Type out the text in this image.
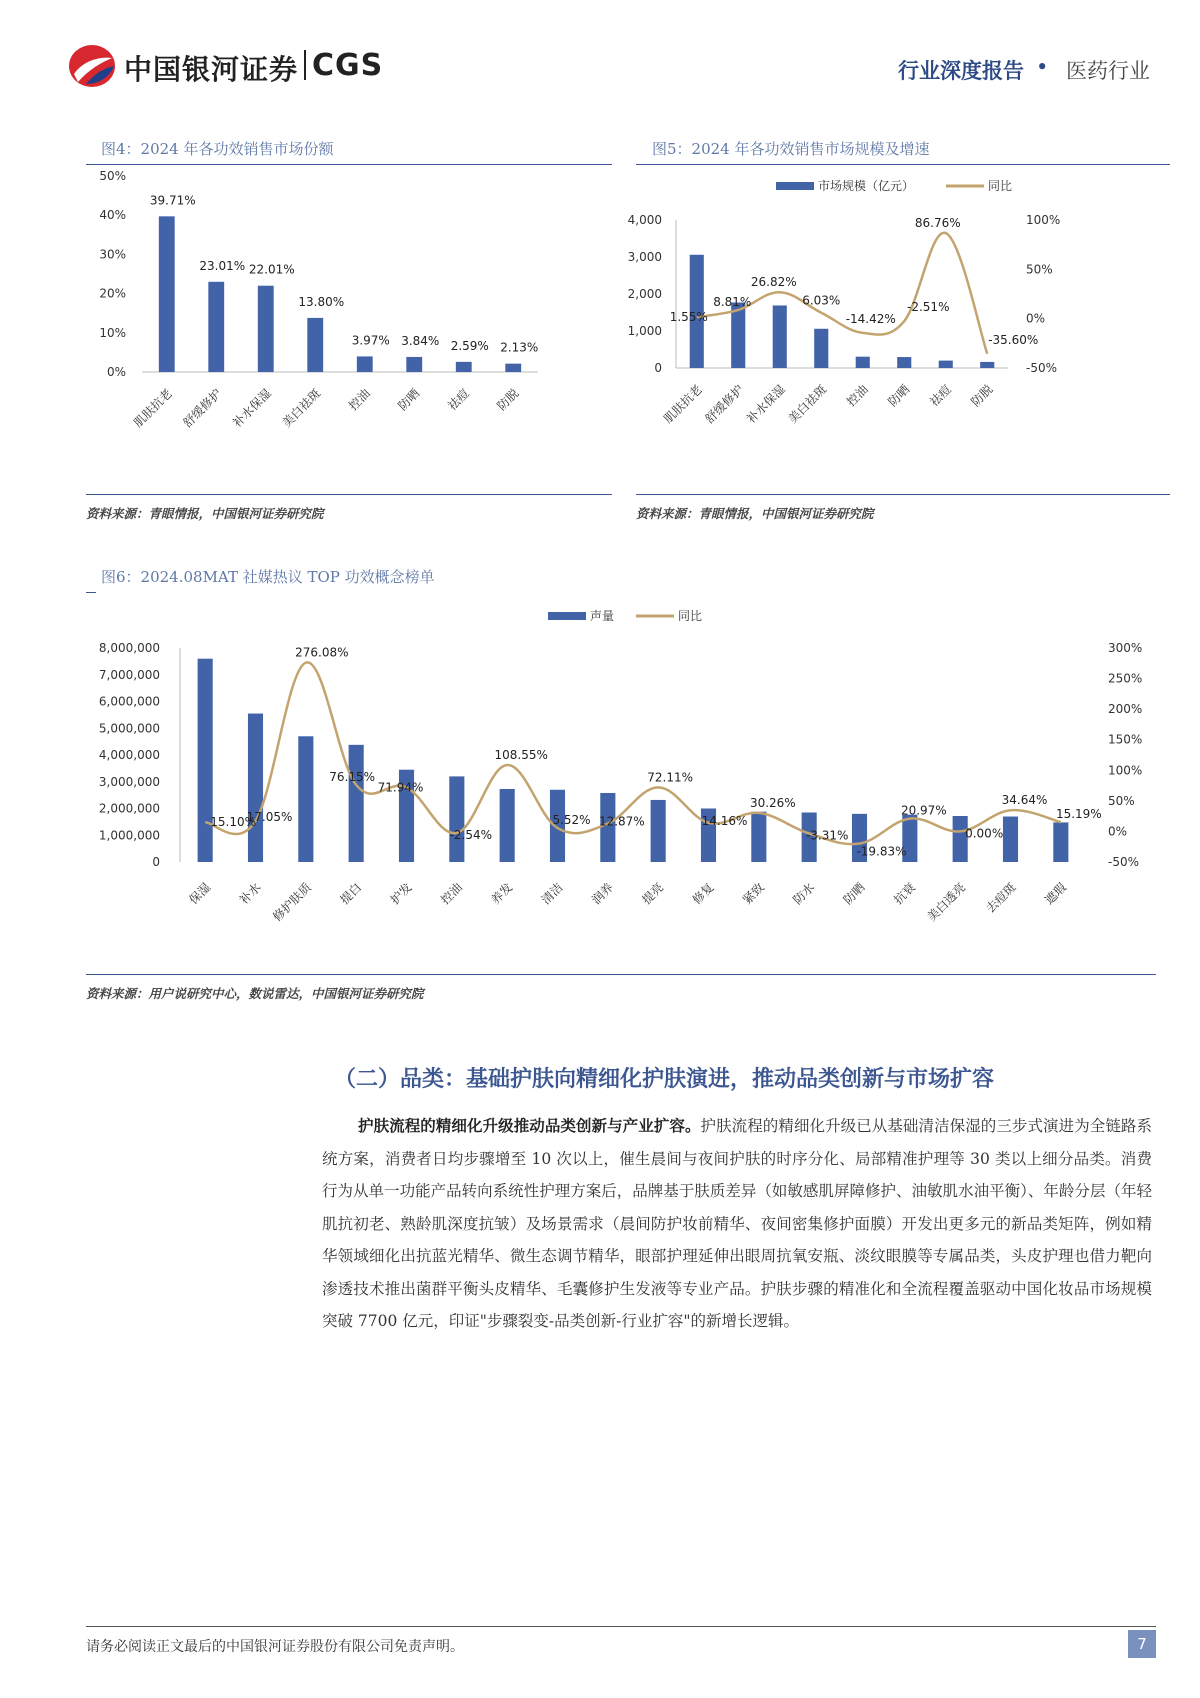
中国银河证券 CGS	行业深度报告 • 医药行业
图4：2024 年各功效销售市场份额
0%
10%
20%
30%
40%
50%
39.71%
23.01% 22.01%
13.80%
3.97% 3.84% 2.59% 2.13%
肌肤抗老 舒缓修护 补水保湿 美白祛斑 控油 防晒 祛痘 防脱
资料来源：青眼情报，中国银河证券研究院
图5：2024 年各功效销售市场规模及增速
市场规模（亿元）	同比
0
1,000
2,000
3,000
4,000
-50%
0%
50%
100%
1.55%
8.81%
26.82%
6.03%
-14.42%
-2.51%
86.76%
-35.60%
肌肤抗老
舒缓修护
补水保湿
美白祛斑 控油 防晒 祛痘 防脱
资料来源：青眼情报，中国银河证券研究院
图6：2024.08MAT 社媒热议 TOP 功效概念榜单
声量	同比
0
1,000,000
2,000,000
3,000,000
4,000,000
5,000,000
6,000,000
7,000,000
8,000,000
-50%
0%
50%
100%
150%
200%
250%
300%
15.10%
17.05%
276.08%
76.15%
71.94%
-2.54%
108.55%
5.52% 12.87%
72.11%
14.16%
30.26%
-3.31%
-19.83%
20.97%
0.00%
34.64%
15.19%
保湿 补水 修护肤质 提白 护发 控油 养发 清洁 润养 提亮 修复 紧致 防水 防晒 抗衰 美白透亮 去痘斑 遮瑕
资料来源：用户说研究中心，数说雷达，中国银河证券研究院
（二）品类：基础护肤向精细化护肤演进，推动品类创新与市场扩容
护肤流程的精细化升级推动品类创新与产业扩容。护肤流程的精细化升级已从基础清洁保湿的三步式演进为全链路系统方案，消费者日均步骤增至 10 次以上，催生晨间与夜间护肤的时序分化、局部精准护理等 30 类以上细分品类。消费行为从单一功能产品转向系统性护理方案后，品牌基于肤质差异（如敏感肌屏障修护、油敏肌水油平衡）、年龄分层（年轻肌抗初老、熟龄肌深度抗皱）及场景需求（晨间防护妆前精华、夜间密集修护面膜）开发出更多元的新品类矩阵，例如精华领域细化出抗蓝光精华、微生态调节精华，眼部护理延伸出眼周抗氧安瓶、淡纹眼膜等专属品类，头皮护理也借力靶向渗透技术推出菌群平衡头皮精华、毛囊修护生发液等专业产品。护肤步骤的精准化和全流程覆盖驱动中国化妆品市场规模突破 7700 亿元，印证"步骤裂变-品类创新-行业扩容"的新增长逻辑。
请务必阅读正文最后的中国银河证券股份有限公司免责声明。	7
